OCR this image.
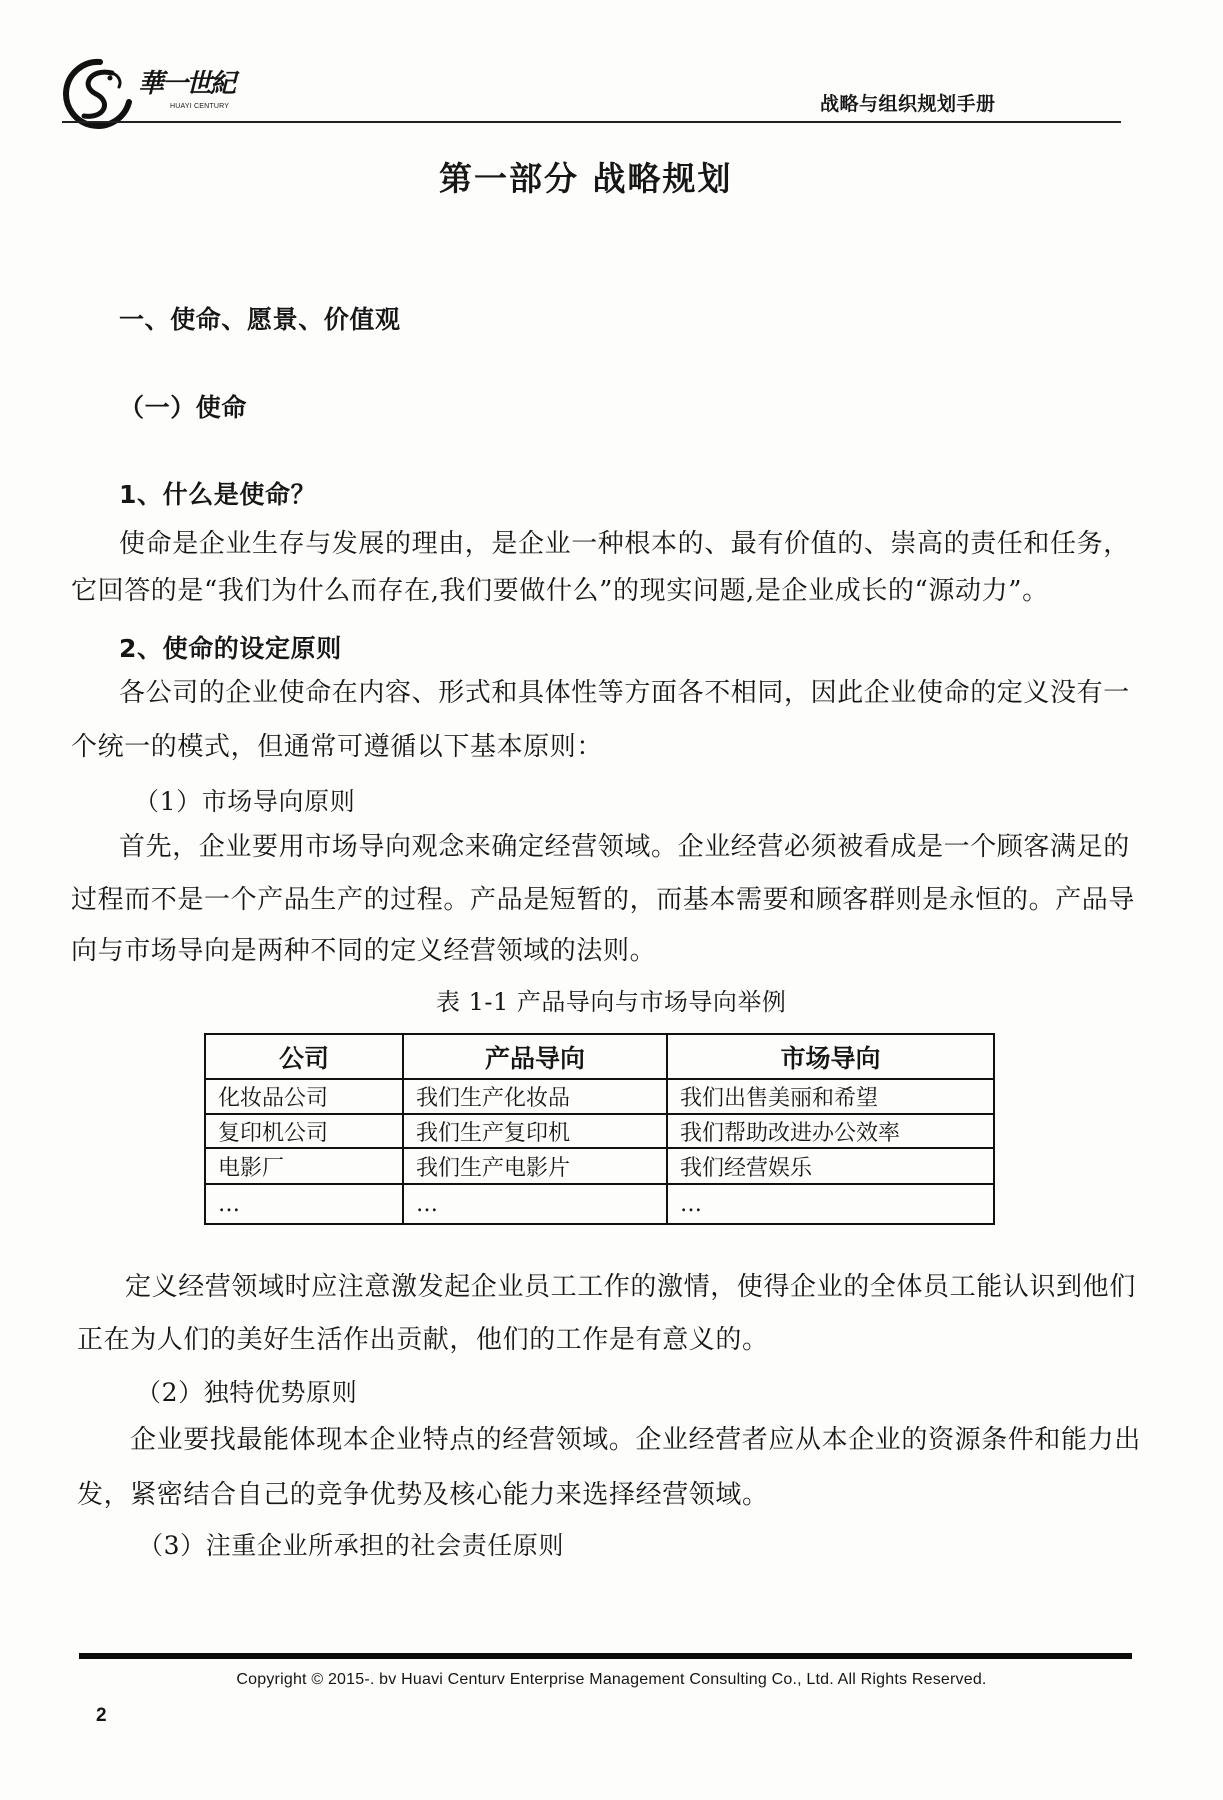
華一世紀
HUAYI CENTURY	战略与组织规划手册
第一部分 战略规划
一、使命、愿景、价值观
（一）使命
1、什么是使命？
使命是企业生存与发展的理由，是企业一种根本的、最有价值的、崇高的责任和任务，
它回答的是“我们为什么而存在,我们要做什么”的现实问题,是企业成长的“源动力”。
2、使命的设定原则
各公司的企业使命在内容、形式和具体性等方面各不相同，因此企业使命的定义没有一
个统一的模式，但通常可遵循以下基本原则：
（1）市场导向原则
首先，企业要用市场导向观念来确定经营领域。企业经营必须被看成是一个顾客满足的
过程而不是一个产品生产的过程。产品是短暂的，而基本需要和顾客群则是永恒的。产品导
向与市场导向是两种不同的定义经营领域的法则。
表 1-1 产品导向与市场导向举例
公司	产品导向	市场导向
化妆品公司	我们生产化妆品	我们出售美丽和希望
复印机公司	我们生产复印机	我们帮助改进办公效率
电影厂	我们生产电影片	我们经营娱乐
…	…	…
定义经营领域时应注意激发起企业员工工作的激情，使得企业的全体员工能认识到他们
正在为人们的美好生活作出贡献，他们的工作是有意义的。
（2）独特优势原则
企业要找最能体现本企业特点的经营领域。企业经营者应从本企业的资源条件和能力出
发，紧密结合自己的竞争优势及核心能力来选择经营领域。
（3）注重企业所承担的社会责任原则
Copyright © 2015-. bv Huavi Centurv Enterprise Management Consulting Co., Ltd. All Rights Reserved.
2
